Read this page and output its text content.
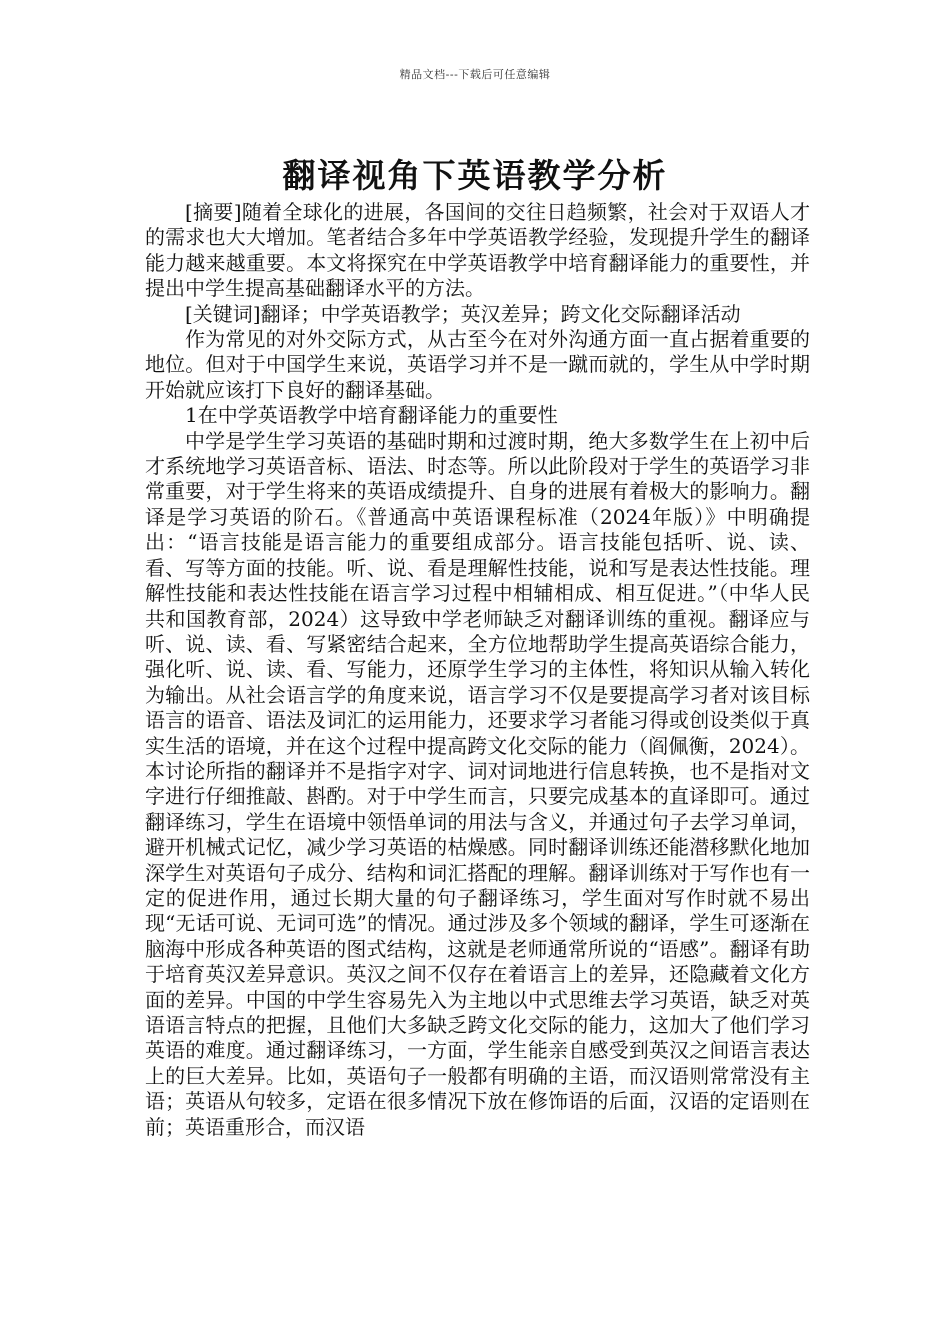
精品文档---下载后可任意编辑
翻译视角下英语教学分析

[摘要]随着全球化的进展，各国间的交往日趋频繁，社会对于双语人才的需求也大大增加。笔者结合多年中学英语教学经验，发现提升学生的翻译能力越来越重要。本文将探究在中学英语教学中培育翻译能力的重要性，并提出中学生提高基础翻译水平的方法。

[关键词]翻译；中学英语教学；英汉差异；跨文化交际翻译活动

作为常见的对外交际方式，从古至今在对外沟通方面一直占据着重要的地位。但对于中国学生来说，英语学习并不是一蹴而就的，学生从中学时期开始就应该打下良好的翻译基础。

1在中学英语教学中培育翻译能力的重要性

中学是学生学习英语的基础时期和过渡时期，绝大多数学生在上初中后才系统地学习英语音标、语法、时态等。所以此阶段对于学生的英语学习非常重要，对于学生将来的英语成绩提升、自身的进展有着极大的影响力。翻译是学习英语的阶石。《普通高中英语课程标准（2024年版）》中明确提出：“语言技能是语言能力的重要组成部分。语言技能包括听、说、读、看、写等方面的技能。听、说、看是理解性技能，说和写是表达性技能。理解性技能和表达性技能在语言学习过程中相辅相成、相互促进。”（中华人民共和国教育部，2024）这导致中学老师缺乏对翻译训练的重视。翻译应与听、说、读、看、写紧密结合起来，全方位地帮助学生提高英语综合能力，强化听、说、读、看、写能力，还原学生学习的主体性，将知识从输入转化为输出。从社会语言学的角度来说，语言学习不仅是要提高学习者对该目标语言的语音、语法及词汇的运用能力，还要求学习者能习得或创设类似于真实生活的语境，并在这个过程中提高跨文化交际的能力（阎佩衡，2024）。本讨论所指的翻译并不是指字对字、词对词地进行信息转换，也不是指对文字进行仔细推敲、斟酌。对于中学生而言，只要完成基本的直译即可。通过翻译练习，学生在语境中领悟单词的用法与含义，并通过句子去学习单词，避开机械式记忆，减少学习英语的枯燥感。同时翻译训练还能潜移默化地加深学生对英语句子成分、结构和词汇搭配的理解。翻译训练对于写作也有一定的促进作用，通过长期大量的句子翻译练习，学生面对写作时就不易出现“无话可说、无词可选”的情况。通过涉及多个领域的翻译，学生可逐渐在脑海中形成各种英语的图式结构，这就是老师通常所说的“语感”。翻译有助于培育英汉差异意识。英汉之间不仅存在着语言上的差异，还隐藏着文化方面的差异。中国的中学生容易先入为主地以中式思维去学习英语，缺乏对英语语言特点的把握，且他们大多缺乏跨文化交际的能力，这加大了他们学习英语的难度。通过翻译练习，一方面，学生能亲自感受到英汉之间语言表达上的巨大差异。比如，英语句子一般都有明确的主语，而汉语则常常没有主语；英语从句较多，定语在很多情况下放在修饰语的后面，汉语的定语则在前；英语重形合，而汉语
